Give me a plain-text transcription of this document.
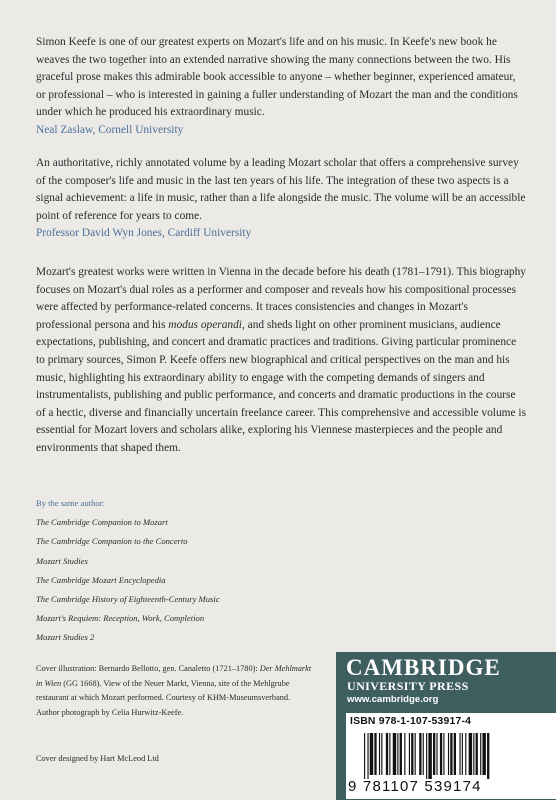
Simon Keefe is one of our greatest experts on Mozart's life and on his music. In Keefe's new book he weaves the two together into an extended narrative showing the many connections between the two. His graceful prose makes this admirable book accessible to anyone – whether beginner, experienced amateur, or professional – who is interested in gaining a fuller understanding of Mozart the man and the conditions under which he produced his extraordinary music.
Neal Zaslaw, Cornell University

An authoritative, richly annotated volume by a leading Mozart scholar that offers a comprehensive survey of the composer's life and music in the last ten years of his life. The integration of these two aspects is a signal achievement: a life in music, rather than a life alongside the music. The volume will be an accessible point of reference for years to come.
Professor David Wyn Jones, Cardiff University

Mozart's greatest works were written in Vienna in the decade before his death (1781–1791). This biography focuses on Mozart's dual roles as a performer and composer and reveals how his compositional processes were affected by performance-related concerns. It traces consistencies and changes in Mozart's professional persona and his modus operandi, and sheds light on other prominent musicians, audience expectations, publishing, and concert and dramatic practices and traditions. Giving particular prominence to primary sources, Simon P. Keefe offers new biographical and critical perspectives on the man and his music, highlighting his extraordinary ability to engage with the competing demands of singers and instrumentalists, publishing and public performance, and concerts and dramatic productions in the course of a hectic, diverse and financially uncertain freelance career. This comprehensive and accessible volume is essential for Mozart lovers and scholars alike, exploring his Viennese masterpieces and the people and environments that shaped them.

By the same author:
The Cambridge Companion to Mozart
The Cambridge Companion to the Concerto
Mozart Studies
The Cambridge Mozart Encyclopedia
The Cambridge History of Eighteenth-Century Music
Mozart's Requiem: Reception, Work, Completion
Mozart Studies 2
Cover illustration: Bernardo Bellotto, gen. Canaletto (1721–1780): Der Mehlmarkt in Wien (GG 1668). View of the Neuer Markt, Vienna, site of the Mehlgrube restaurant at which Mozart performed. Courtesy of KHM-Museumsverband.
Author photograph by Celia Hurwitz-Keefe.
Cover designed by Hart McLeod Ltd
CAMBRIDGE
UNIVERSITY PRESS
www.cambridge.org
ISBN 978-1-107-53917-4
9 781107 539174
